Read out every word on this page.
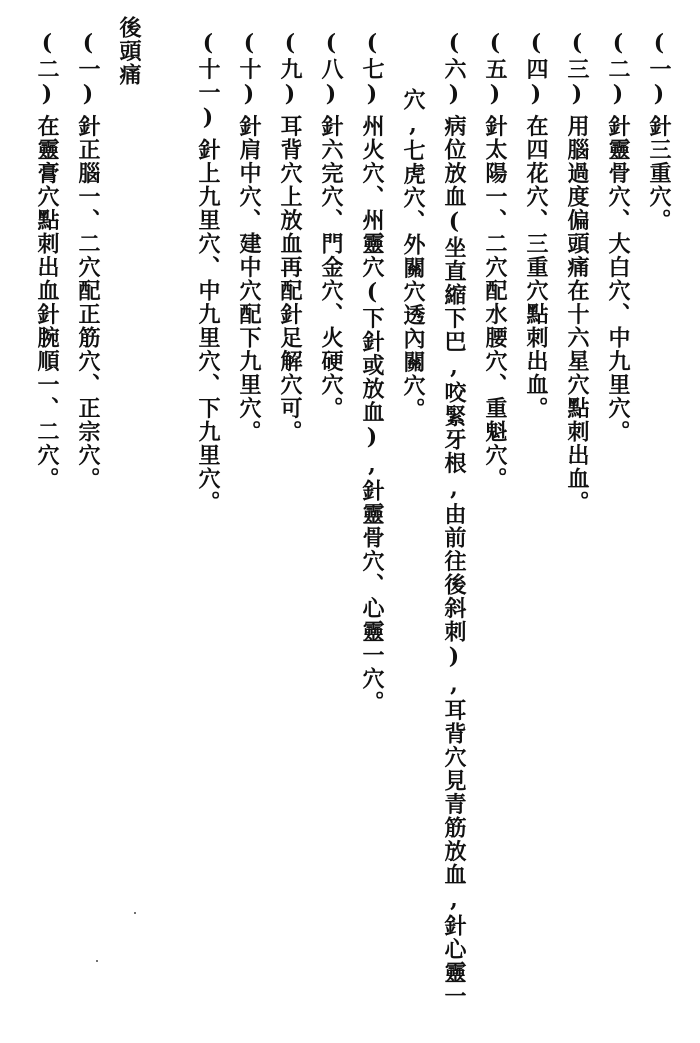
(一)針三重穴。
(二)針靈骨穴、大白穴、中九里穴。
(三)用腦過度偏頭痛在十六星穴點刺出血。
(四)在四花穴、三重穴點刺出血。
(五)針太陽一、二穴配水腰穴、重魁穴。
(六)病位放血(坐直縮下巴,咬緊牙根,由前往後斜刺),耳背穴見青筋放血,針心靈一
穴,七虎穴、外關穴透內關穴。
(七)州火穴、州靈穴(下針或放血),針靈骨穴、心靈一穴。
(八)針六完穴、門金穴、火硬穴。
(九)耳背穴上放血再配針足解穴可。
(十)針肩中穴、建中穴配下九里穴。
(十一)針上九里穴、中九里穴、下九里穴。
後頭痛
(一)針正腦一、二穴配正筋穴、正宗穴。
(二)在靈膏穴點刺出血針腕順一、二穴。
